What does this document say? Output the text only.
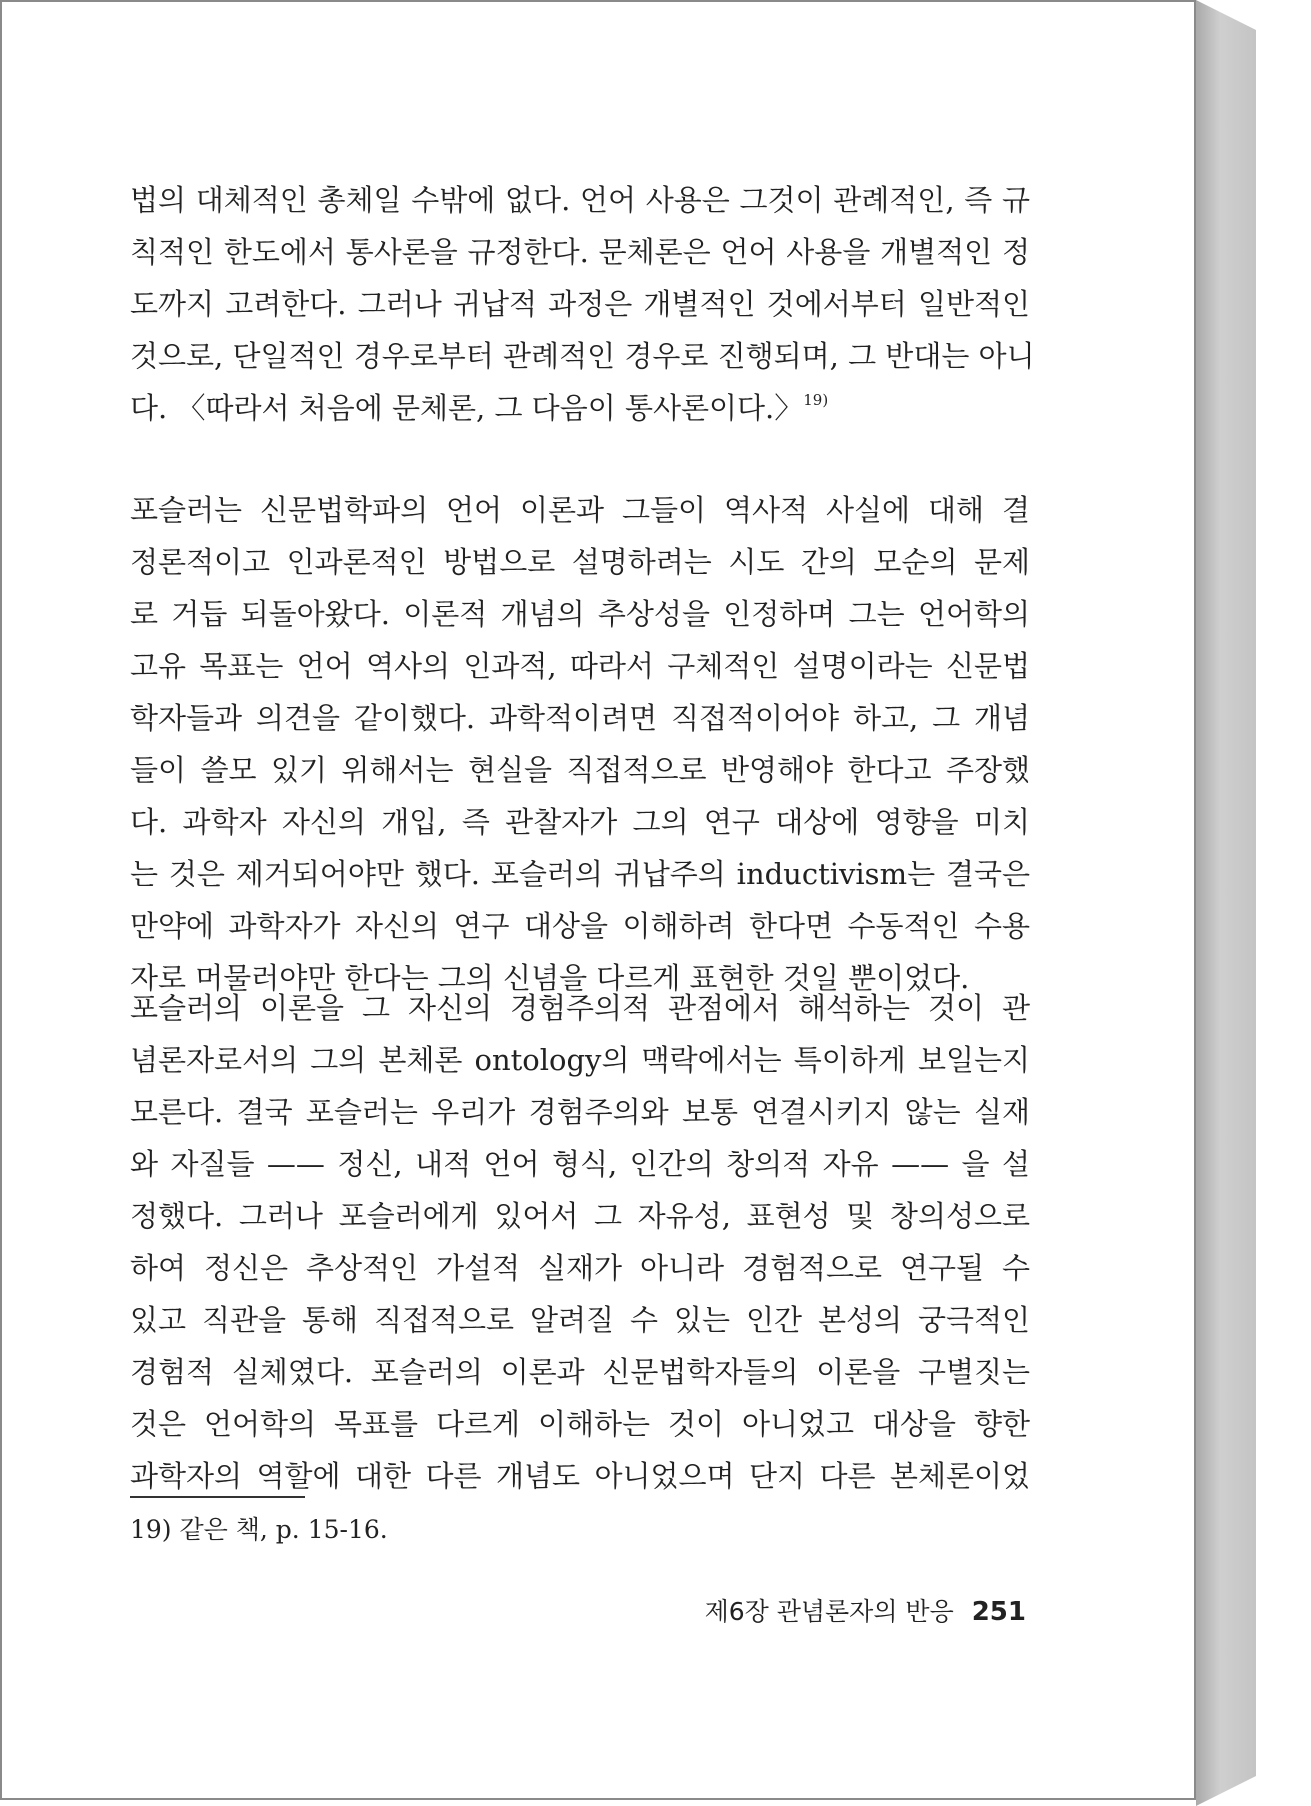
법의 대체적인 총체일 수밖에 없다. 언어 사용은 그것이 관례적인, 즉 규
칙적인 한도에서 통사론을 규정한다. 문체론은 언어 사용을 개별적인 정
도까지 고려한다. 그러나 귀납적 과정은 개별적인 것에서부터 일반적인
것으로, 단일적인 경우로부터 관례적인 경우로 진행되며, 그 반대는 아니
다. 〈따라서 처음에 문체론, 그 다음이 통사론이다.〉$^{19)}$
포슬러는 신문법학파의 언어 이론과 그들이 역사적 사실에 대해 결
정론적이고 인과론적인 방법으로 설명하려는 시도 간의 모순의 문제
로 거듭 되돌아왔다. 이론적 개념의 추상성을 인정하며 그는 언어학의
고유 목표는 언어 역사의 인과적, 따라서 구체적인 설명이라는 신문법
학자들과 의견을 같이했다. 과학적이려면 직접적이어야 하고, 그 개념
들이 쓸모 있기 위해서는 현실을 직접적으로 반영해야 한다고 주장했
다. 과학자 자신의 개입, 즉 관찰자가 그의 연구 대상에 영향을 미치
는 것은 제거되어야만 했다. 포슬러의 귀납주의 inductivism는 결국은
만약에 과학자가 자신의 연구 대상을 이해하려 한다면 수동적인 수용
자로 머물러야만 한다는 그의 신념을 다르게 표현한 것일 뿐이었다.
포슬러의 이론을 그 자신의 경험주의적 관점에서 해석하는 것이 관
념론자로서의 그의 본체론 ontology의 맥락에서는 특이하게 보일는지
모른다. 결국 포슬러는 우리가 경험주의와 보통 연결시키지 않는 실재
와 자질들 —— 정신, 내적 언어 형식, 인간의 창의적 자유 —— 을 설
정했다. 그러나 포슬러에게 있어서 그 자유성, 표현성 및 창의성으로
하여 정신은 추상적인 가설적 실재가 아니라 경험적으로 연구될 수
있고 직관을 통해 직접적으로 알려질 수 있는 인간 본성의 궁극적인
경험적 실체였다. 포슬러의 이론과 신문법학자들의 이론을 구별짓는
것은 언어학의 목표를 다르게 이해하는 것이 아니었고 대상을 향한
과학자의 역할에 대한 다른 개념도 아니었으며 단지 다른 본체론이었
19) 같은 책, p. 15-16.
제6장 관념론자의 반응 251
